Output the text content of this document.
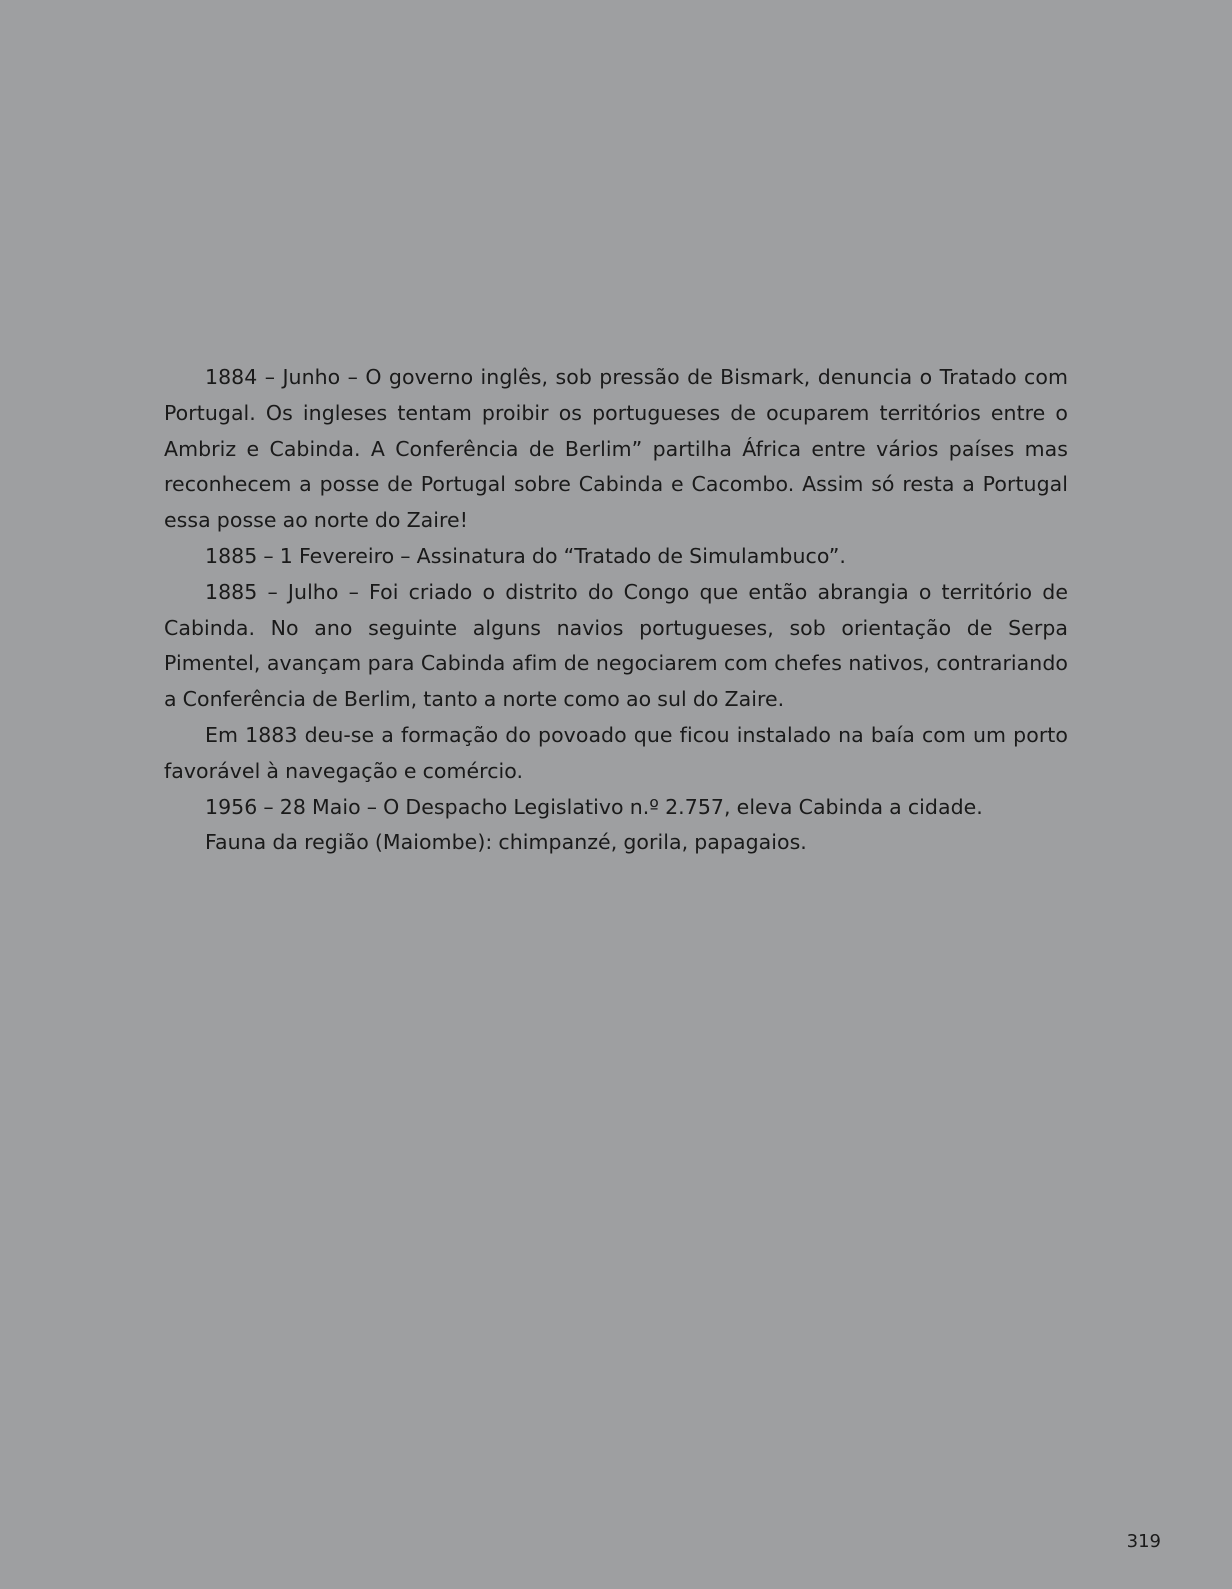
1884 – Junho – O governo inglês, sob pressão de Bismark, denuncia o Tratado com Portugal. Os ingleses tentam proibir os portugueses de ocuparem territórios entre o Ambriz e Cabinda. A Conferência de Berlim” partilha África entre vários países mas reconhecem a posse de Portugal sobre Cabinda e Cacombo. Assim só resta a Portugal essa posse ao norte do Zaire!

1885 – 1 Fevereiro – Assinatura do “Tratado de Simulambuco”.

1885 – Julho – Foi criado o distrito do Congo que então abrangia o território de Cabinda. No ano seguinte alguns navios portugueses, sob orientação de Serpa Pimentel, avançam para Cabinda afim de negociarem com chefes nativos, contrariando a Conferência de Berlim, tanto a norte como ao sul do Zaire.

Em 1883 deu-se a formação do povoado que ficou instalado na baía com um porto favorável à navegação e comércio.

1956 – 28 Maio – O Despacho Legislativo n.º 2.757, eleva Cabinda a cidade.

Fauna da região (Maiombe): chimpanzé, gorila, papagaios.

319
